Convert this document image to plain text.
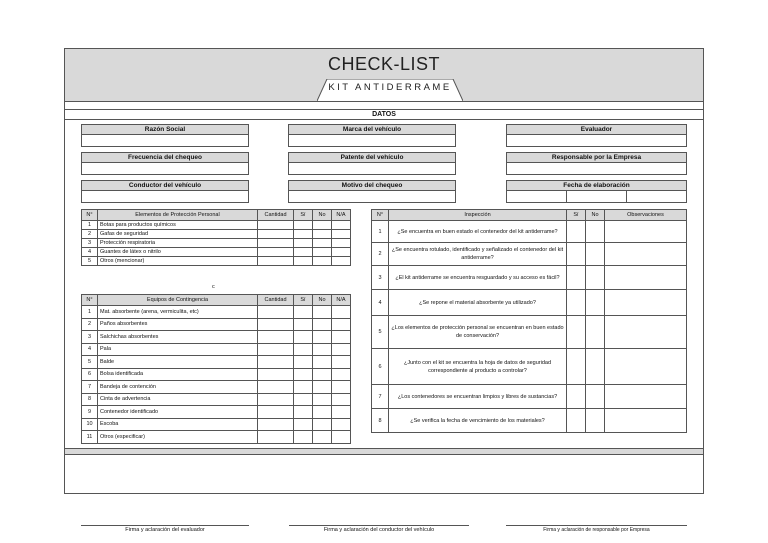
CHECK-LIST
KIT ANTIDERRAME
DATOS
Razón Social	Marca del vehículo	Evaluador
Frecuencia del chequeo	Patente del vehículo	Responsable por la Empresa
Conductor del vehículo	Motivo del chequeo	Fecha de elaboración
N°	Elementos de Protección Personal	Cantidad	Sí	No	N/A
1	Botas para productos químicos				
2	Gafas de seguridad				
3	Protección respiratoria				
4	Guantes de látex o nitrilo				
5	Otros (mencionar)				
c
N°	Equipos de Contingencia	Cantidad	Sí	No	N/A
1	Mat. absorbente (arena, vermiculita, etc)				
2	Paños absorbentes				
3	Salchichas absorbentes				
4	Pala				
5	Balde				
6	Bolsa identificada				
7	Bandeja de contención				
8	Cinta de advertencia				
9	Contenedor identificado				
10	Escoba				
11	Otros (especificar)				
N°	Inspección	Sí	No	Observaciones
1	¿Se encuentra en buen estado el contenedor del kit antiderrame?			
2	¿Se encuentra rotulado, identificado y señalizado el contenedor del kit antiderrame?			
3	¿El kit antiderrame se encuentra resguardado y su acceso es fácil?			
4	¿Se repone el material absorbente ya utilizado?			
5	¿Los elementos de protección personal se encuentran en buen estado de conservación?			
6	¿Junto con el kit se encuentra la hoja de datos de seguridad correspondiente al producto a controlar?			
7	¿Los contenedores se encuentran limpios y libres de sustancias?			
8	¿Se verifica la fecha de vencimiento de los materiales?			
Firma y aclaración del evaluador	Firma y aclaración del conductor del vehículo	Firma y aclaración de responsable por Empresa
